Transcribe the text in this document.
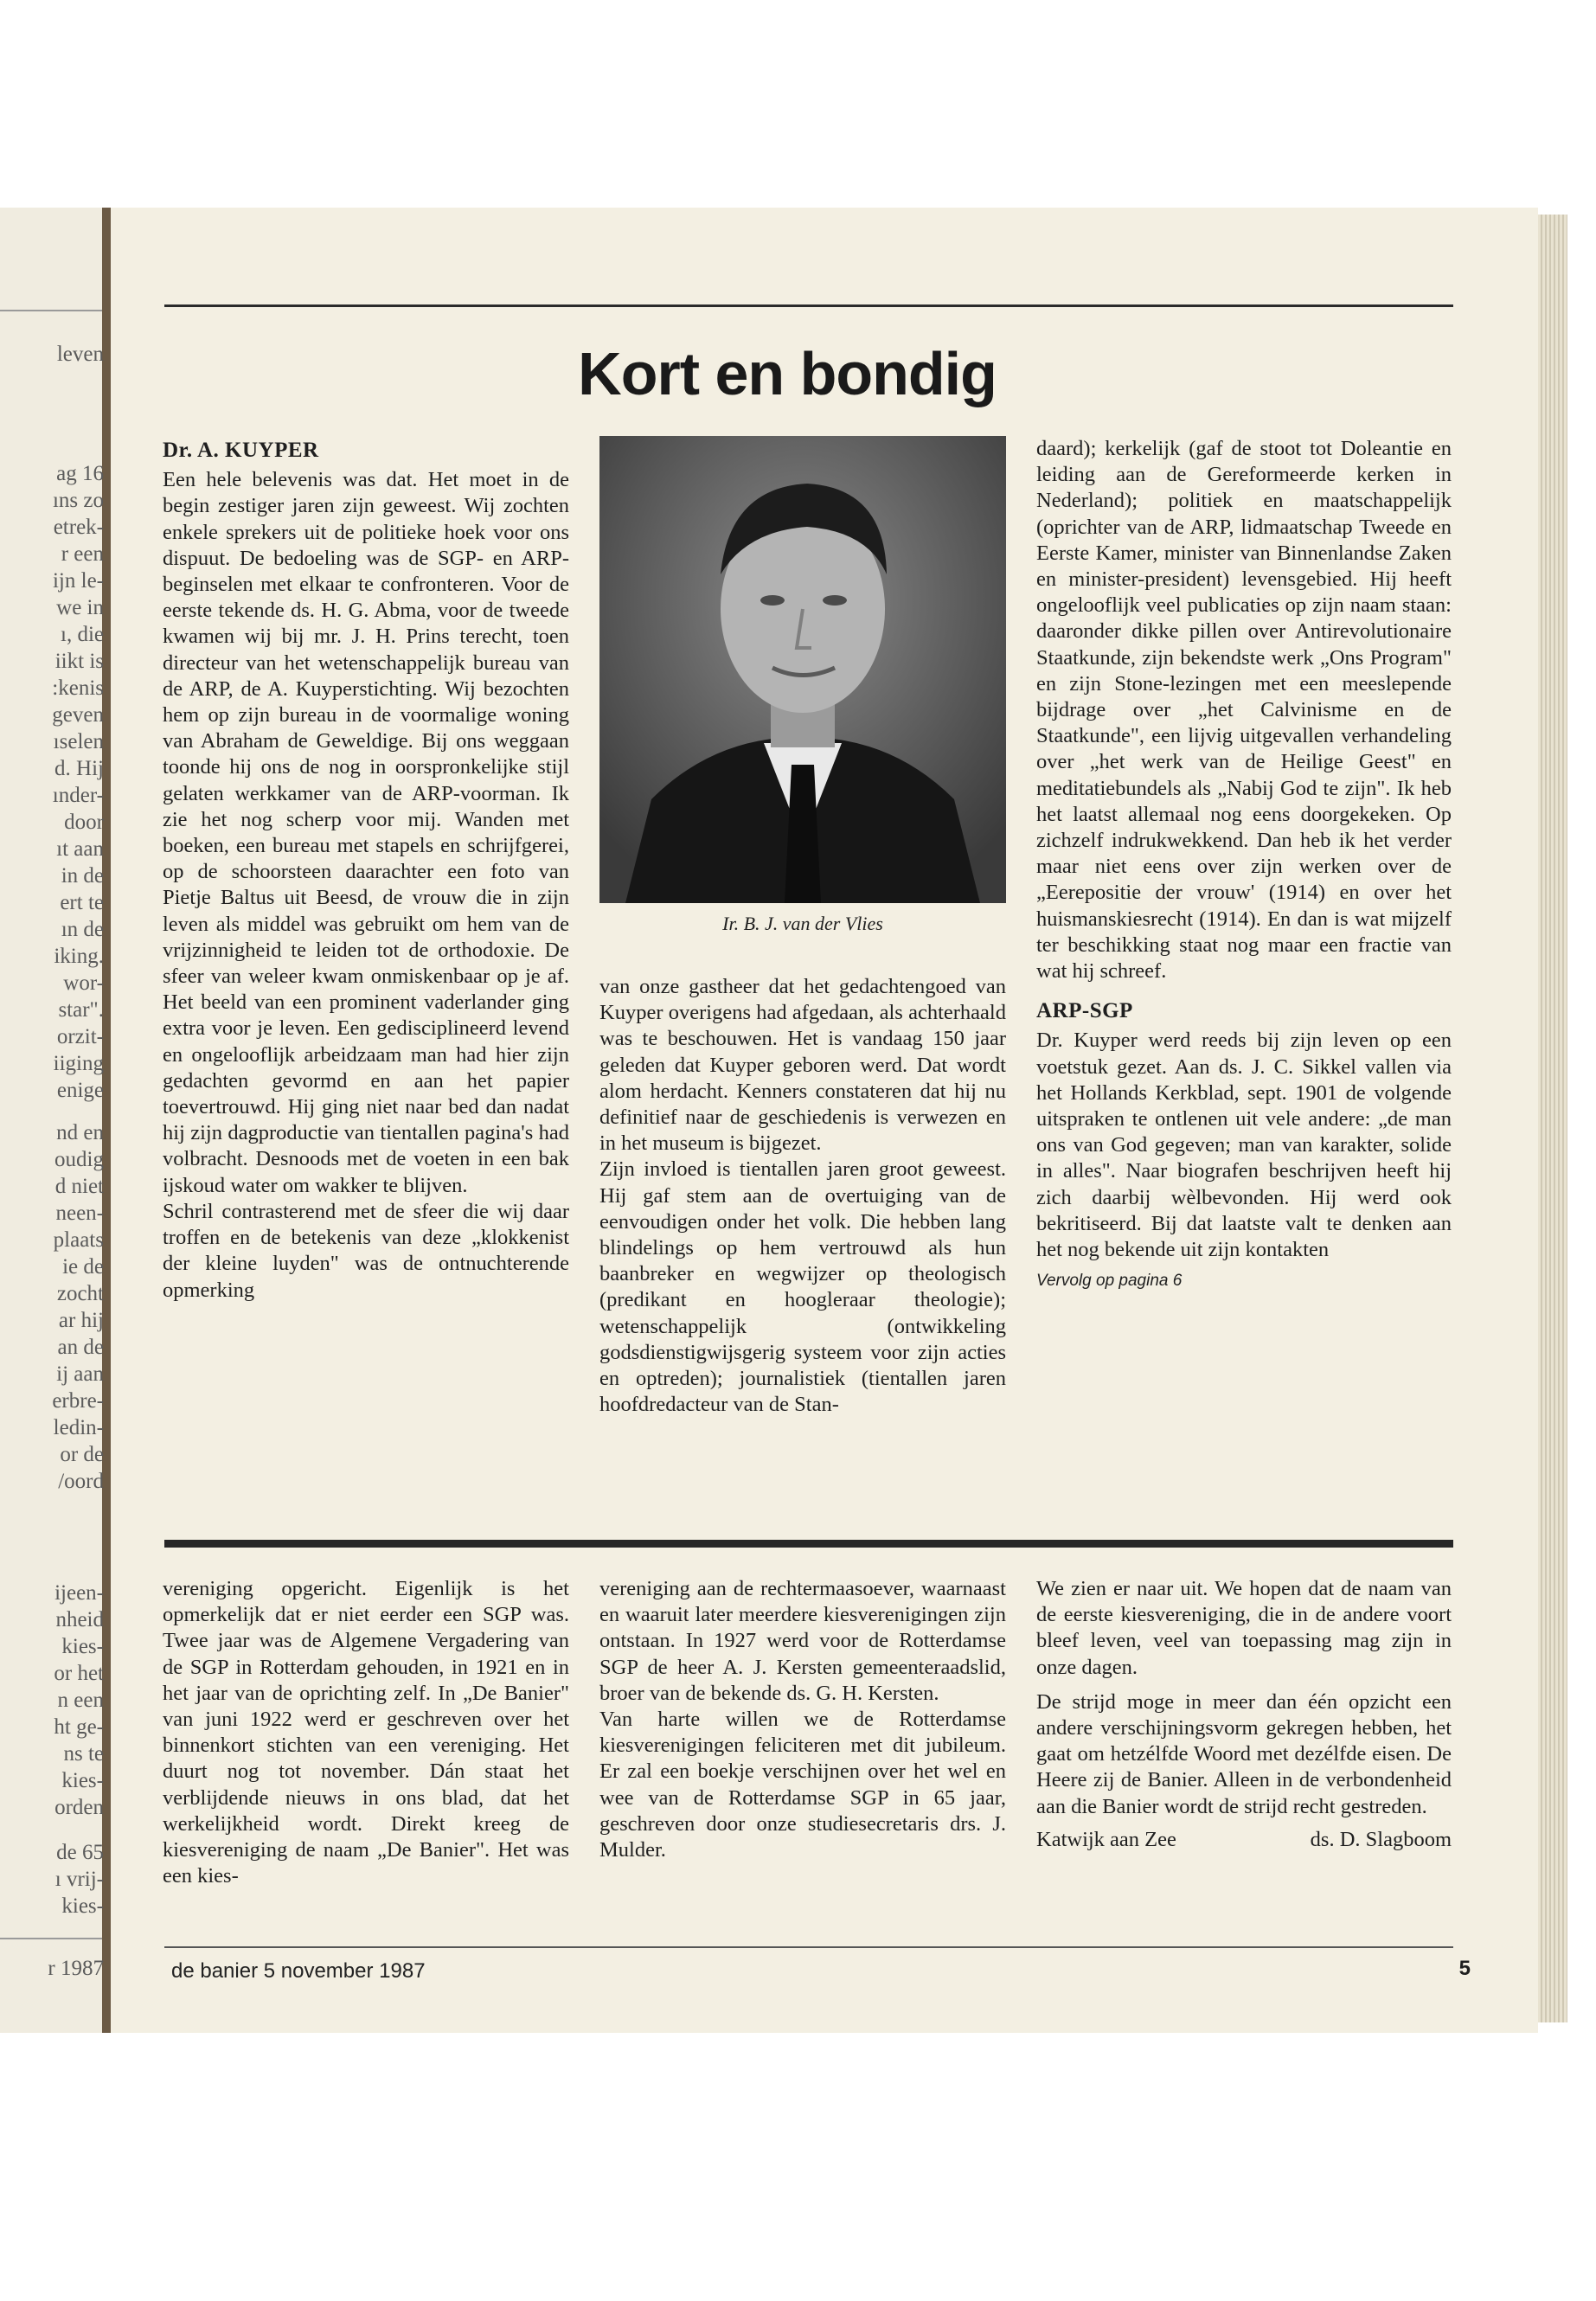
leven
ag 16
ıns zo
etrek-
r een
ijn le-
we in
ı, die
iikt is
:kenis
geven
ıselen
d. Hij
ınder-
door
ıt aan
in de
ert te
ın de
iking.
wor-
star".
orzit-
iiging
enige
nd en
oudig
d niet
neen-
plaats
ie de
zocht
ar hij
an de
ij aan
erbre-
ledin-
or de
/oord
ijeen-
nheid
kies-
or het
n een
ht ge-
ns te
kies-
orden
de 65
ı vrij-
kies-
r 1987
Kort en bondig
Dr. A. KUYPER

Een hele belevenis was dat. Het moet in de begin zestiger jaren zijn geweest. Wij zochten enkele sprekers uit de politieke hoek voor ons dispuut. De bedoeling was de SGP- en ARP-beginselen met elkaar te confronteren. Voor de eerste tekende ds. H. G. Abma, voor de tweede kwamen wij bij mr. J. H. Prins terecht, toen directeur van het wetenschappelijk bureau van de ARP, de A. Kuyperstichting. Wij bezochten hem op zijn bureau in de voormalige woning van Abraham de Geweldige. Bij ons weggaan toonde hij ons de nog in oorspronkelijke stijl gelaten werkkamer van de ARP-voorman. Ik zie het nog scherp voor mij. Wanden met boeken, een bureau met stapels en schrijfgerei, op de schoorsteen daarachter een foto van Pietje Baltus uit Beesd, de vrouw die in zijn leven als middel was gebruikt om hem van de vrijzinnigheid te leiden tot de orthodoxie. De sfeer van weleer kwam onmiskenbaar op je af. Het beeld van een prominent vaderlander ging extra voor je leven. Een gedisciplineerd levend en ongelooflijk arbeidzaam man had hier zijn gedachten gevormd en aan het papier toevertrouwd. Hij ging niet naar bed dan nadat hij zijn dagproductie van tientallen pagina's had volbracht. Desnoods met de voeten in een bak ijskoud water om wakker te blijven.

Schril contrasterend met de sfeer die wij daar troffen en de betekenis van deze „klokkenist der kleine luyden" was de ontnuchterende opmerking

Ir. B. J. van der Vlies

van onze gastheer dat het gedachtengoed van Kuyper overigens had afgedaan, als achterhaald was te beschouwen. Het is vandaag 150 jaar geleden dat Kuyper geboren werd. Dat wordt alom herdacht. Kenners constateren dat hij nu definitief naar de geschiedenis is verwezen en in het museum is bijgezet.

Zijn invloed is tientallen jaren groot geweest. Hij gaf stem aan de overtuiging van de eenvoudigen onder het volk. Die hebben lang blindelings op hem vertrouwd als hun baanbreker en wegwijzer op theologisch (predikant en hoogleraar theologie); wetenschappelijk (ontwikkeling godsdienstigwijsgerig systeem voor zijn acties en optreden); journalistiek (tientallen jaren hoofdredacteur van de Stan-

daard); kerkelijk (gaf de stoot tot Doleantie en leiding aan de Gereformeerde kerken in Nederland); politiek en maatschappelijk (oprichter van de ARP, lidmaatschap Tweede en Eerste Kamer, minister van Binnenlandse Zaken en minister-president) levensgebied. Hij heeft ongelooflijk veel publicaties op zijn naam staan: daaronder dikke pillen over Antirevolutionaire Staatkunde, zijn bekendste werk „Ons Program" en zijn Stone-lezingen met een meeslepende bijdrage over „het Calvinisme en de Staatkunde", een lijvig uitgevallen verhandeling over „het werk van de Heilige Geest" en meditatiebundels als „Nabij God te zijn". Ik heb het laatst allemaal nog eens doorgekeken. Op zichzelf indrukwekkend. Dan heb ik het verder maar niet eens over zijn werken over de „Eerepositie der vrouw' (1914) en over het huismanskiesrecht (1914). En dan is wat mijzelf ter beschikking staat nog maar een fractie van wat hij schreef.

ARP-SGP

Dr. Kuyper werd reeds bij zijn leven op een voetstuk gezet. Aan ds. J. C. Sikkel vallen via het Hollands Kerkblad, sept. 1901 de volgende uitspraken te ontlenen uit vele andere: „de man ons van God gegeven; man van karakter, solide in alles". Naar biografen beschrijven heeft hij zich daarbij wèlbevonden. Hij werd ook bekritiseerd. Bij dat laatste valt te denken aan het nog bekende uit zijn kontakten

Vervolg op pagina 6

vereniging opgericht. Eigenlijk is het opmerkelijk dat er niet eerder een SGP was. Twee jaar was de Algemene Vergadering van de SGP in Rotterdam gehouden, in 1921 en in het jaar van de oprichting zelf. In „De Banier" van juni 1922 werd er geschreven over het binnenkort stichten van een vereniging. Het duurt nog tot november. Dán staat het verblijdende nieuws in ons blad, dat het werkelijkheid wordt. Direkt kreeg de kiesvereniging de naam „De Banier". Het was een kies-

vereniging aan de rechtermaasoever, waarnaast en waaruit later meerdere kiesverenigingen zijn ontstaan. In 1927 werd voor de Rotterdamse SGP de heer A. J. Kersten gemeenteraadslid, broer van de bekende ds. G. H. Kersten.

Van harte willen we de Rotterdamse kiesverenigingen feliciteren met dit jubileum. Er zal een boekje verschijnen over het wel en wee van de Rotterdamse SGP in 65 jaar, geschreven door onze studiesecretaris drs. J. Mulder.

We zien er naar uit. We hopen dat de naam van de eerste kiesvereniging, die in de andere voort bleef leven, veel van toepassing mag zijn in onze dagen.

De strijd moge in meer dan één opzicht een andere verschijningsvorm gekregen hebben, het gaat om hetzélfde Woord met dezélfde eisen. De Heere zij de Banier. Alleen in de verbondenheid aan die Banier wordt de strijd recht gestreden.

Katwijk aan Zee	ds. D. Slagboom
de banier 5 november 1987	5
